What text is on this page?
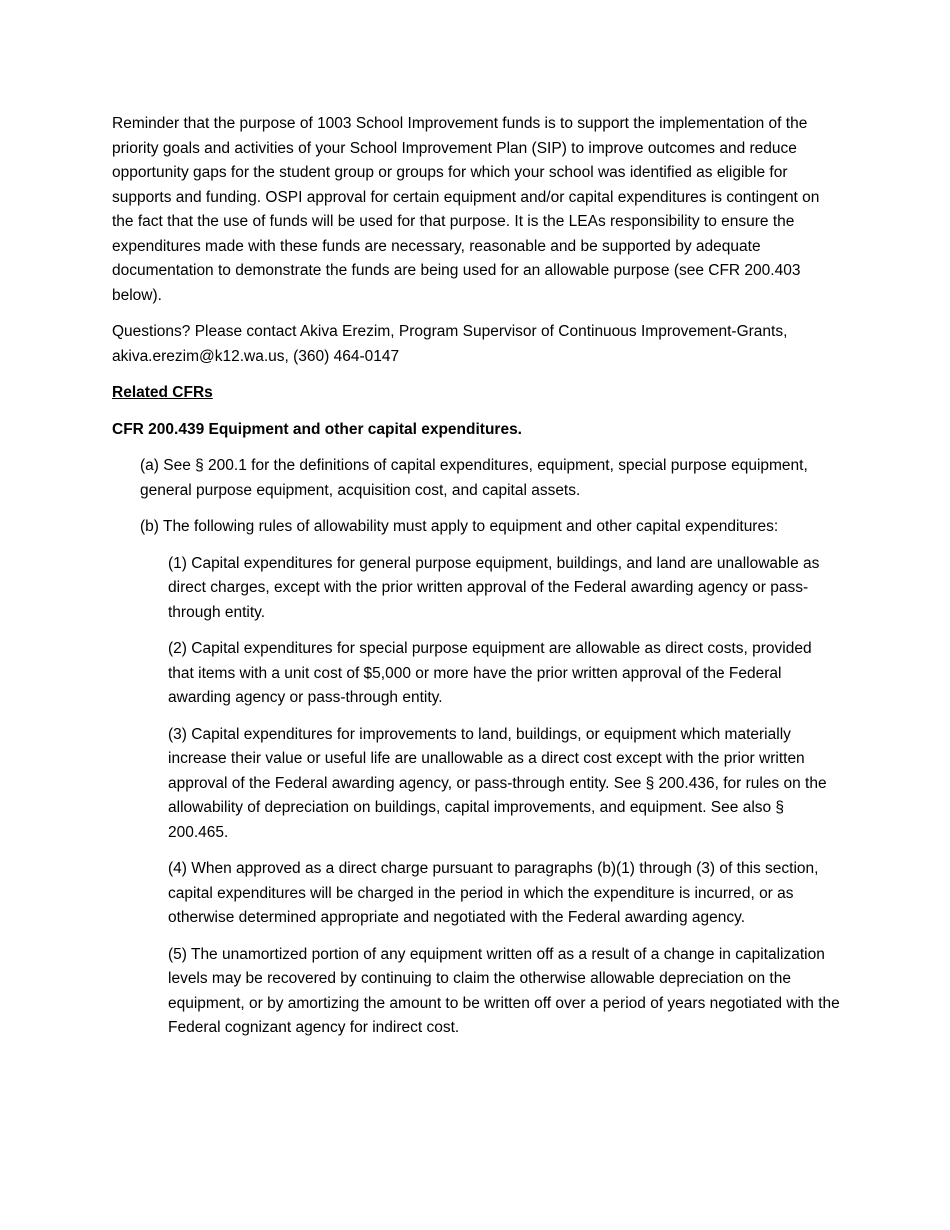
Reminder that the purpose of 1003 School Improvement funds is to support the implementation of the priority goals and activities of your School Improvement Plan (SIP) to improve outcomes and reduce opportunity gaps for the student group or groups for which your school was identified as eligible for supports and funding. OSPI approval for certain equipment and/or capital expenditures is contingent on the fact that the use of funds will be used for that purpose. It is the LEAs responsibility to ensure the expenditures made with these funds are necessary, reasonable and be supported by adequate documentation to demonstrate the funds are being used for an allowable purpose (see CFR 200.403 below).

Questions? Please contact Akiva Erezim, Program Supervisor of Continuous Improvement-Grants, akiva.erezim@k12.wa.us, (360) 464-0147

Related CFRs

CFR 200.439 Equipment and other capital expenditures.

(a) See § 200.1 for the definitions of capital expenditures, equipment, special purpose equipment, general purpose equipment, acquisition cost, and capital assets.

(b) The following rules of allowability must apply to equipment and other capital expenditures:

(1) Capital expenditures for general purpose equipment, buildings, and land are unallowable as direct charges, except with the prior written approval of the Federal awarding agency or pass-through entity.

(2) Capital expenditures for special purpose equipment are allowable as direct costs, provided that items with a unit cost of $5,000 or more have the prior written approval of the Federal awarding agency or pass-through entity.

(3) Capital expenditures for improvements to land, buildings, or equipment which materially increase their value or useful life are unallowable as a direct cost except with the prior written approval of the Federal awarding agency, or pass-through entity. See § 200.436, for rules on the allowability of depreciation on buildings, capital improvements, and equipment. See also § 200.465.

(4) When approved as a direct charge pursuant to paragraphs (b)(1) through (3) of this section, capital expenditures will be charged in the period in which the expenditure is incurred, or as otherwise determined appropriate and negotiated with the Federal awarding agency.

(5) The unamortized portion of any equipment written off as a result of a change in capitalization levels may be recovered by continuing to claim the otherwise allowable depreciation on the equipment, or by amortizing the amount to be written off over a period of years negotiated with the Federal cognizant agency for indirect cost.
